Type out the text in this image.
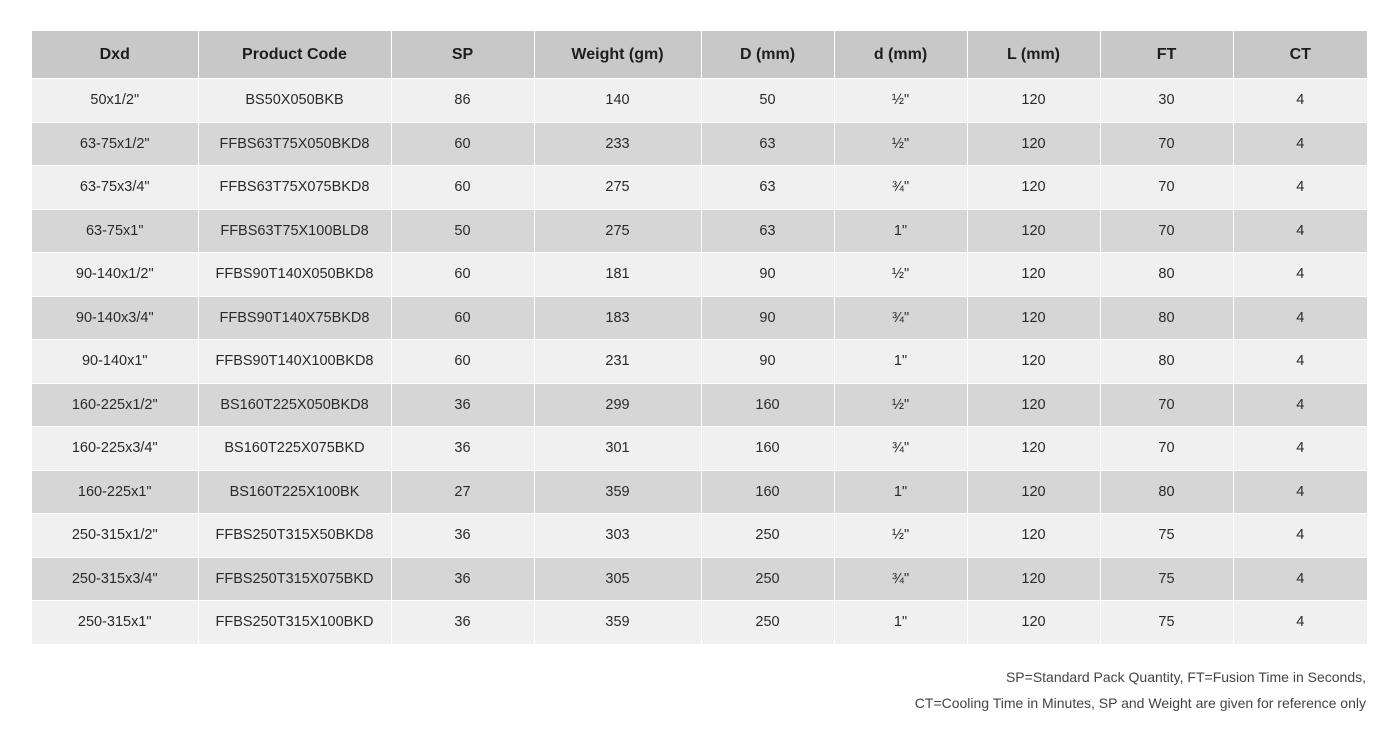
Dxd	Product Code	SP	Weight (gm)	D (mm)	d (mm)	L (mm)	FT	CT
50x1/2"	BS50X050BKB	86	140	50	½"	120	30	4
63-75x1/2"	FFBS63T75X050BKD8	60	233	63	½"	120	70	4
63-75x3/4"	FFBS63T75X075BKD8	60	275	63	¾"	120	70	4
63-75x1"	FFBS63T75X100BLD8	50	275	63	1"	120	70	4
90-140x1/2"	FFBS90T140X050BKD8	60	181	90	½"	120	80	4
90-140x3/4"	FFBS90T140X75BKD8	60	183	90	¾"	120	80	4
90-140x1"	FFBS90T140X100BKD8	60	231	90	1"	120	80	4
160-225x1/2"	BS160T225X050BKD8	36	299	160	½"	120	70	4
160-225x3/4"	BS160T225X075BKD	36	301	160	¾"	120	70	4
160-225x1"	BS160T225X100BK	27	359	160	1"	120	80	4
250-315x1/2"	FFBS250T315X50BKD8	36	303	250	½"	120	75	4
250-315x3/4"	FFBS250T315X075BKD	36	305	250	¾"	120	75	4
250-315x1"	FFBS250T315X100BKD	36	359	250	1"	120	75	4
SP=Standard Pack Quantity, FT=Fusion Time in Seconds,
CT=Cooling Time in Minutes, SP and Weight are given for reference only
